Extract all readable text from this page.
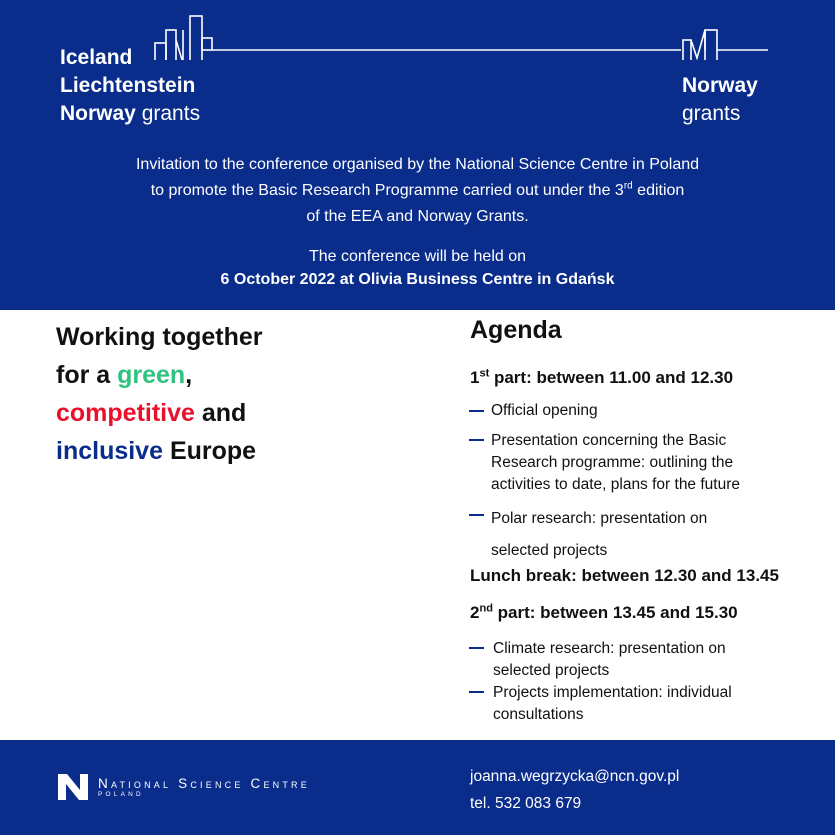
Iceland
Liechtenstein
Norway grants
Norway
grants
Invitation to the conference organised by the National Science Centre in Poland
to promote the Basic Research Programme carried out under the 3rd edition
of the EEA and Norway Grants.
The conference will be held on
6 October 2022 at Olivia Business Centre in Gdańsk
Working together
for a green,
competitive and
inclusive Europe
Agenda
1st part: between 11.00 and 12.30
Official opening
Presentation concerning the Basic
Research programme: outlining the
activities to date, plans for the future
Polar research: presentation on
selected projects
Lunch break: between 12.30 and 13.45
2nd part: between 13.45 and 15.30
Climate research: presentation on
selected projects
Projects implementation: individual
consultations
National Science Centre
POLAND
joanna.wegrzycka@ncn.gov.pl
tel. 532 083 679
